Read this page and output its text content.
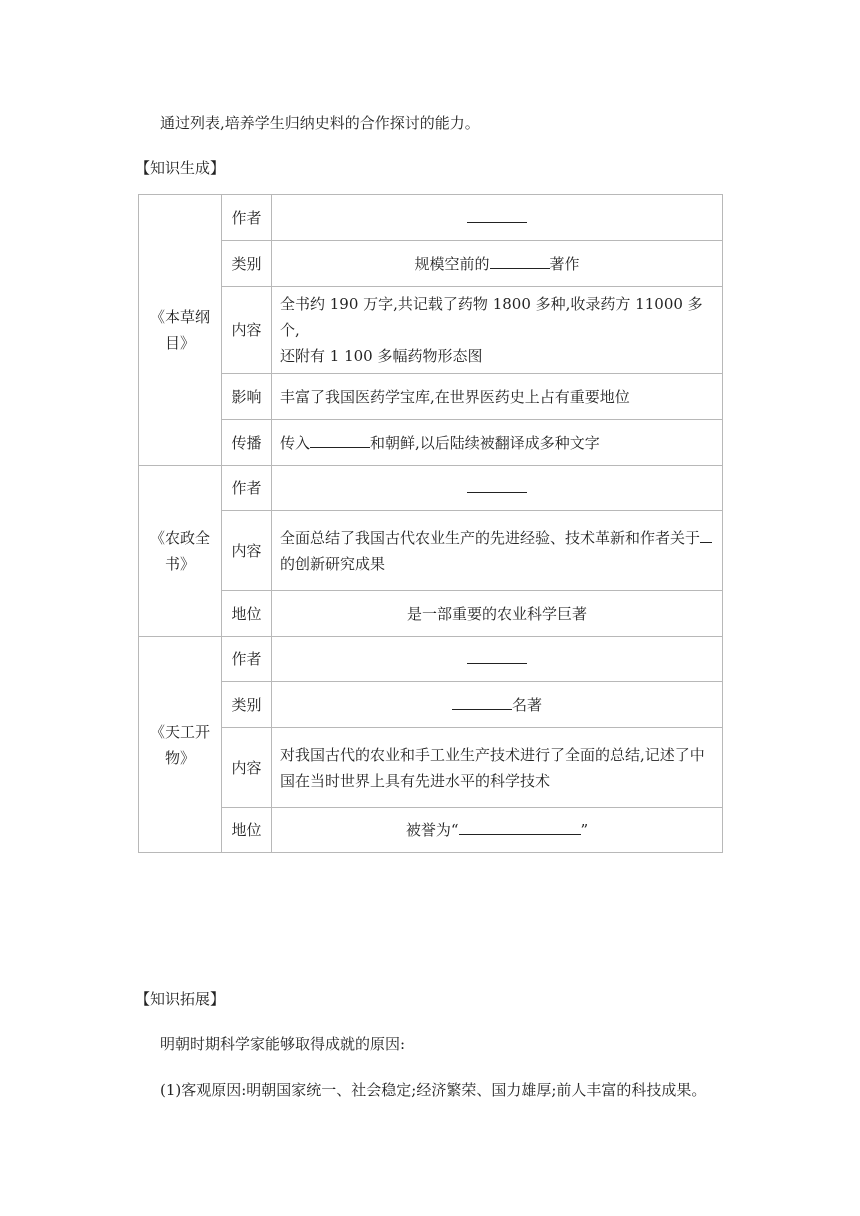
通过列表,培养学生归纳史料的合作探讨的能力。
【知识生成】
《本草纲目》	作者	
	类别	规模空前的 著作
	内容	全书约 190 万字,共记载了药物 1800 多种,收录药方 11000 多个,
还附有 1 100 多幅药物形态图

	影响	丰富了我国医药学宝库,在世界医药史上占有重要地位
	传播	传入 和朝鲜,以后陆续被翻译成多种文字
《农政全书》	作者	
	内容	全面总结了我国古代农业生产的先进经验、技术革新和作者关于
的创新研究成果

	地位	是一部重要的农业科学巨著
《天工开物》	作者	
	类别	名著
	内容	对我国古代的农业和手工业生产技术进行了全面的总结,记述了中
国在当时世界上具有先进水平的科学技术

	地位	被誉为“ ”
【知识拓展】
明朝时期科学家能够取得成就的原因:
(1)客观原因:明朝国家统一、社会稳定;经济繁荣、国力雄厚;前人丰富的科技成果。
